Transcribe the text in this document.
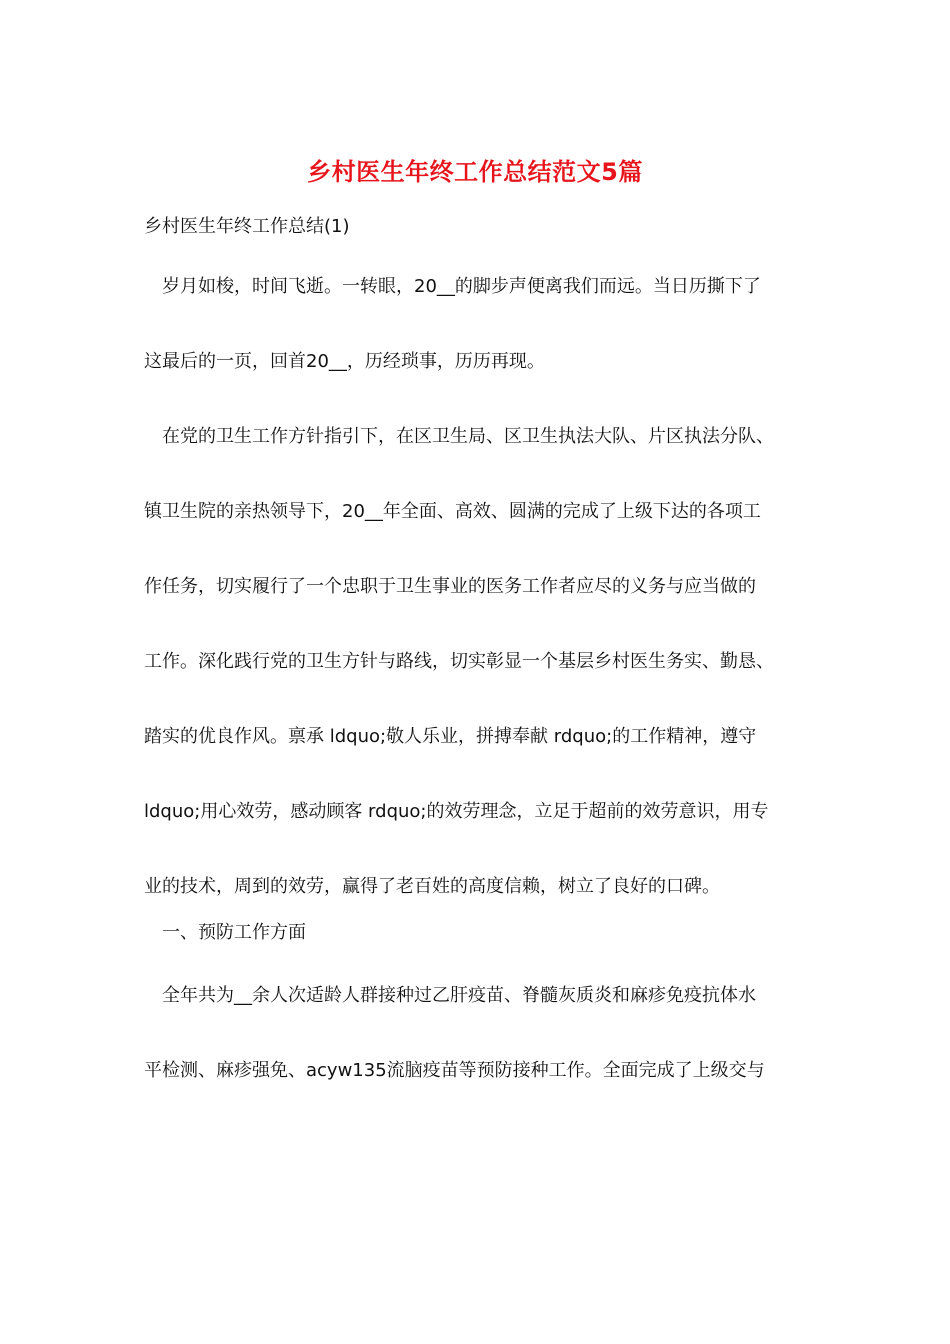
乡村医生年终工作总结范文5篇
乡村医生年终工作总结(1)
岁月如梭，时间飞逝。一转眼，20__的脚步声便离我们而远。当日历撕下了
这最后的一页，回首20__，历经琐事，历历再现。
在党的卫生工作方针指引下，在区卫生局、区卫生执法大队、片区执法分队、
镇卫生院的亲热领导下，20__年全面、高效、圆满的完成了上级下达的各项工
作任务，切实履行了一个忠职于卫生事业的医务工作者应尽的义务与应当做的
工作。深化践行党的卫生方针与路线，切实彰显一个基层乡村医生务实、勤恳、
踏实的优良作风。禀承 ldquo;敬人乐业，拼搏奉献 rdquo;的工作精神，遵守
ldquo;用心效劳，感动顾客 rdquo;的效劳理念，立足于超前的效劳意识，用专
业的技术，周到的效劳，赢得了老百姓的高度信赖，树立了良好的口碑。
一、预防工作方面
全年共为__余人次适龄人群接种过乙肝疫苗、脊髓灰质炎和麻疹免疫抗体水
平检测、麻疹强免、acyw135流脑疫苗等预防接种工作。全面完成了上级交与
